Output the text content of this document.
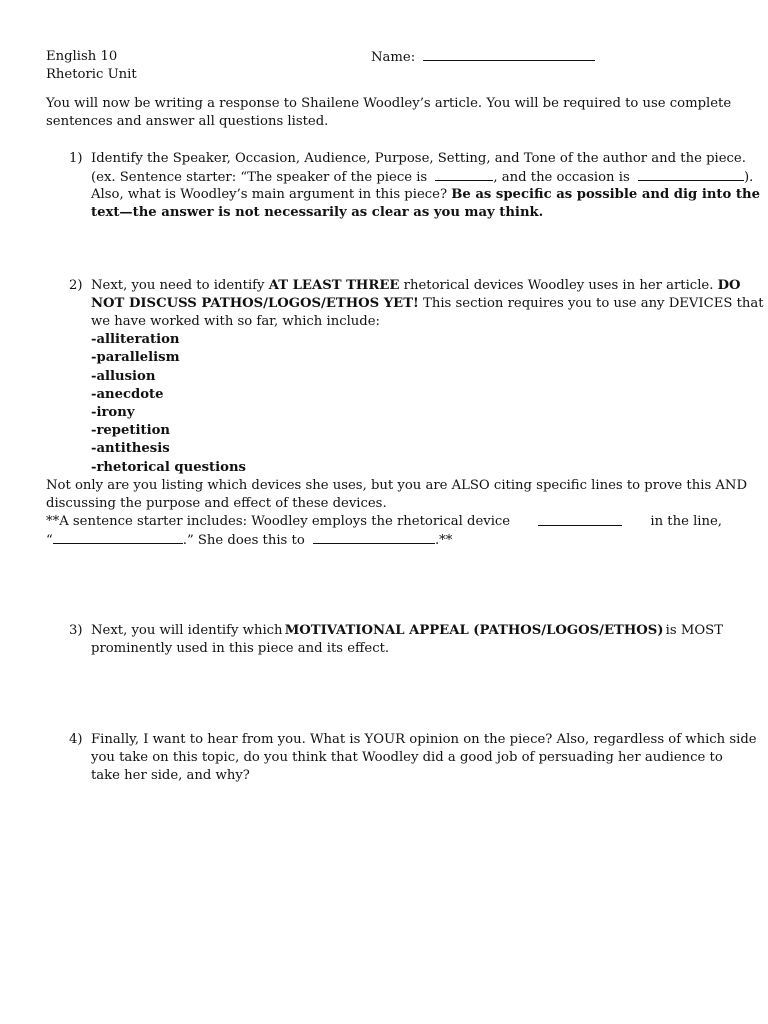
English 10
Rhetoric Unit
Name:
You will now be writing a response to Shailene Woodley’s article. You will be required to use complete
sentences and answer all questions listed.
1) Identify the Speaker, Occasion, Audience, Purpose, Setting, and Tone of the author and the piece.
(ex. Sentence starter: “The speaker of the piece is	, and the occasion is	).
Also, what is Woodley’s main argument in this piece? Be as specific as possible and dig into the
text—the answer is not necessarily as clear as you may think.
2) Next, you need to identify AT LEAST THREE rhetorical devices Woodley uses in her article. DO
NOT DISCUSS PATHOS/LOGOS/ETHOS YET! This section requires you to use any DEVICES that
we have worked with so far, which include:
-alliteration
-parallelism
-allusion
-anecdote
-irony
-repetition
-antithesis
-rhetorical questions
Not only are you listing which devices she uses, but you are ALSO citing specific lines to prove this AND
discussing the purpose and effect of these devices.
**A sentence starter includes: Woodley employs the rhetorical device	in the line,
“	.” She does this to	.**
3) Next, you will identify which MOTIVATIONAL APPEAL (PATHOS/LOGOS/ETHOS) is MOST
prominently used in this piece and its effect.
4) Finally, I want to hear from you. What is YOUR opinion on the piece? Also, regardless of which side
you take on this topic, do you think that Woodley did a good job of persuading her audience to
take her side, and why?
